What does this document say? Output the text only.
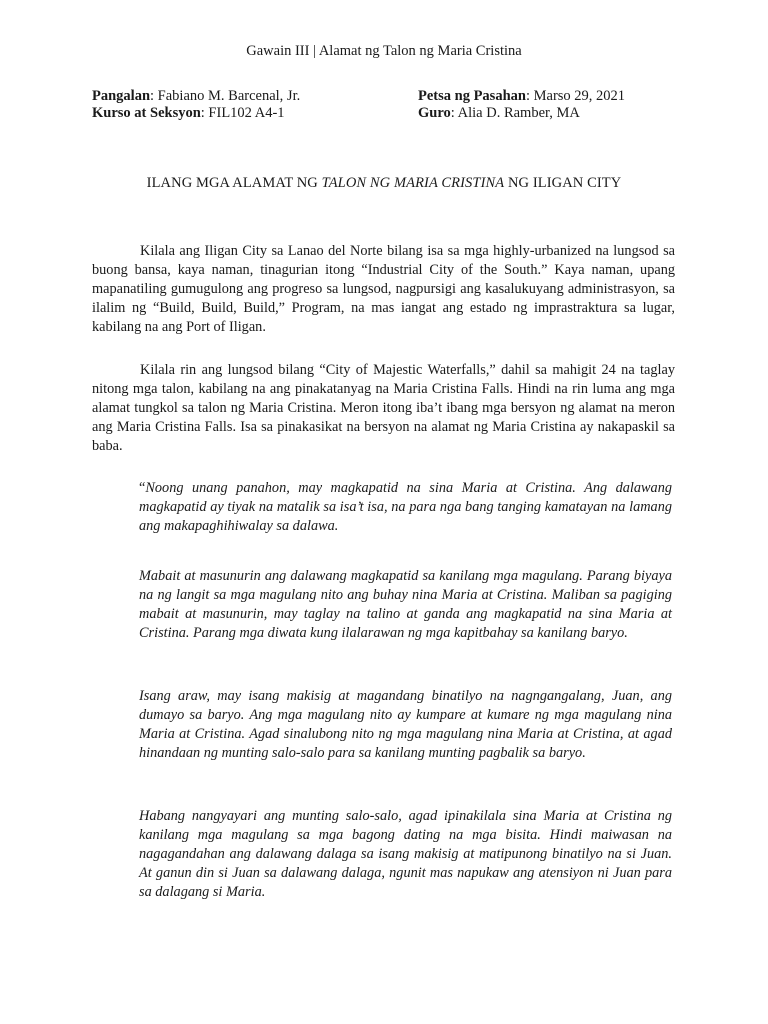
Gawain III | Alamat ng Talon ng Maria Cristina
Pangalan: Fabiano M. Barcenal, Jr.	Petsa ng Pasahan: Marso 29, 2021
Kurso at Seksyon: FIL102 A4-1	Guro: Alia D. Ramber, MA
ILANG MGA ALAMAT NG TALON NG MARIA CRISTINA NG ILIGAN CITY

Kilala ang Iligan City sa Lanao del Norte bilang isa sa mga highly-urbanized na lungsod sa buong bansa, kaya naman, tinagurian itong “Industrial City of the South.” Kaya naman, upang mapanatiling gumugulong ang progreso sa lungsod, nagpursigi ang kasalukuyang administrasyon, sa ilalim ng “Build, Build, Build,” Program, na mas iangat ang estado ng imprastraktura sa lugar, kabilang na ang Port of Iligan.

Kilala rin ang lungsod bilang “City of Majestic Waterfalls,” dahil sa mahigit 24 na taglay nitong mga talon, kabilang na ang pinakatanyag na Maria Cristina Falls. Hindi na rin luma ang mga alamat tungkol sa talon ng Maria Cristina. Meron itong iba’t ibang mga bersyon ng alamat na meron ang Maria Cristina Falls. Isa sa pinakasikat na bersyon na alamat ng Maria Cristina ay nakapaskil sa baba.

“Noong unang panahon, may magkapatid na sina Maria at Cristina. Ang dalawang magkapatid ay tiyak na matalik sa isa’t isa, na para nga bang tanging kamatayan na lamang ang makapaghihiwalay sa dalawa.

Mabait at masunurin ang dalawang magkapatid sa kanilang mga magulang. Parang biyaya na ng langit sa mga magulang nito ang buhay nina Maria at Cristina. Maliban sa pagiging mabait at masunurin, may taglay na talino at ganda ang magkapatid na sina Maria at Cristina. Parang mga diwata kung ilalarawan ng mga kapitbahay sa kanilang baryo.

Isang araw, may isang makisig at magandang binatilyo na nagngangalang, Juan, ang dumayo sa baryo. Ang mga magulang nito ay kumpare at kumare ng mga magulang nina Maria at Cristina. Agad sinalubong nito ng mga magulang nina Maria at Cristina, at agad hinandaan ng munting salo-salo para sa kanilang munting pagbalik sa baryo.

Habang nangyayari ang munting salo-salo, agad ipinakilala sina Maria at Cristina ng kanilang mga magulang sa mga bagong dating na mga bisita. Hindi maiwasan na nagagandahan ang dalawang dalaga sa isang makisig at matipunong binatilyo na si Juan. At ganun din si Juan sa dalawang dalaga, ngunit mas napukaw ang atensiyon ni Juan para sa dalagang si Maria.
